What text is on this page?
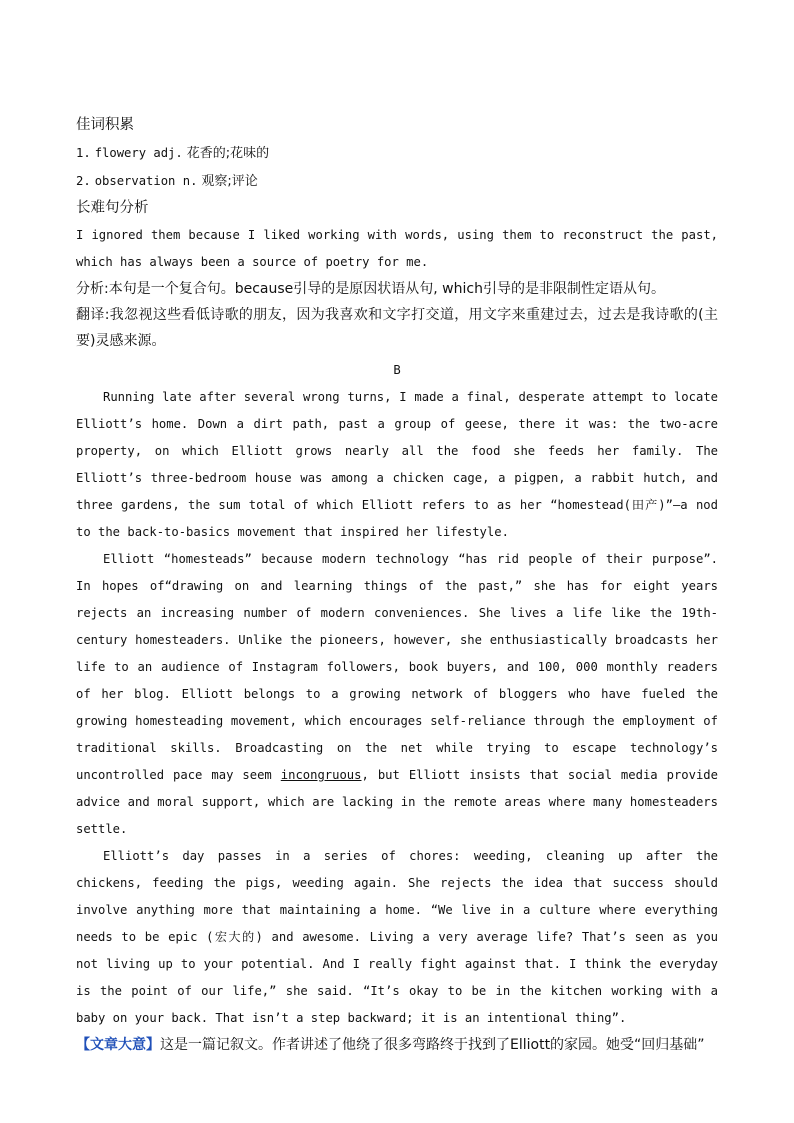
佳词积累

1. flowery adj. 花香的;花味的

2. observation n. 观察;评论

长难句分析

I ignored them because I liked working with words, using them to reconstruct the past, which has always been a source of poetry for me.

分析:本句是一个复合句。because引导的是原因状语从句, which引导的是非限制性定语从句。

翻译:我忽视这些看低诗歌的朋友，因为我喜欢和文字打交道，用文字来重建过去，过去是我诗歌的(主要)灵感来源。

B

Running late after several wrong turns, I made a final, desperate attempt to locate Elliott’s home. Down a dirt path, past a group of geese, there it was: the two-acre property, on which Elliott grows nearly all the food she feeds her family. The Elliott’s three-bedroom house was among a chicken cage, a pigpen, a rabbit hutch, and three gardens, the sum total of which Elliott refers to as her “homestead(田产)”—a nod to the back-to-basics movement that inspired her lifestyle.

Elliott “homesteads” because modern technology “has rid people of their purpose”. In hopes of“drawing on and learning things of the past,” she has for eight years rejects an increasing number of modern conveniences. She lives a life like the 19th-century homesteaders. Unlike the pioneers, however, she enthusiastically broadcasts her life to an audience of Instagram followers, book buyers, and 100, 000 monthly readers of her blog. Elliott belongs to a growing network of bloggers who have fueled the growing homesteading movement, which encourages self-reliance through the employment of traditional skills. Broadcasting on the net while trying to escape technology’s uncontrolled pace may seem incongruous, but Elliott insists that social media provide advice and moral support, which are lacking in the remote areas where many homesteaders settle.

Elliott’s day passes in a series of chores: weeding, cleaning up after the chickens, feeding the pigs, weeding again. She rejects the idea that success should involve anything more that maintaining a home. “We live in a culture where everything needs to be epic (宏大的) and awesome. Living a very average life? That’s seen as you not living up to your potential. And I really fight against that. I think the everyday is the point of our life,” she said. “It’s okay to be in the kitchen working with a baby on your back. That isn’t a step backward; it is an intentional thing”.

【文章大意】这是一篇记叙文。作者讲述了他绕了很多弯路终于找到了Elliott的家园。她受“回归基础”
